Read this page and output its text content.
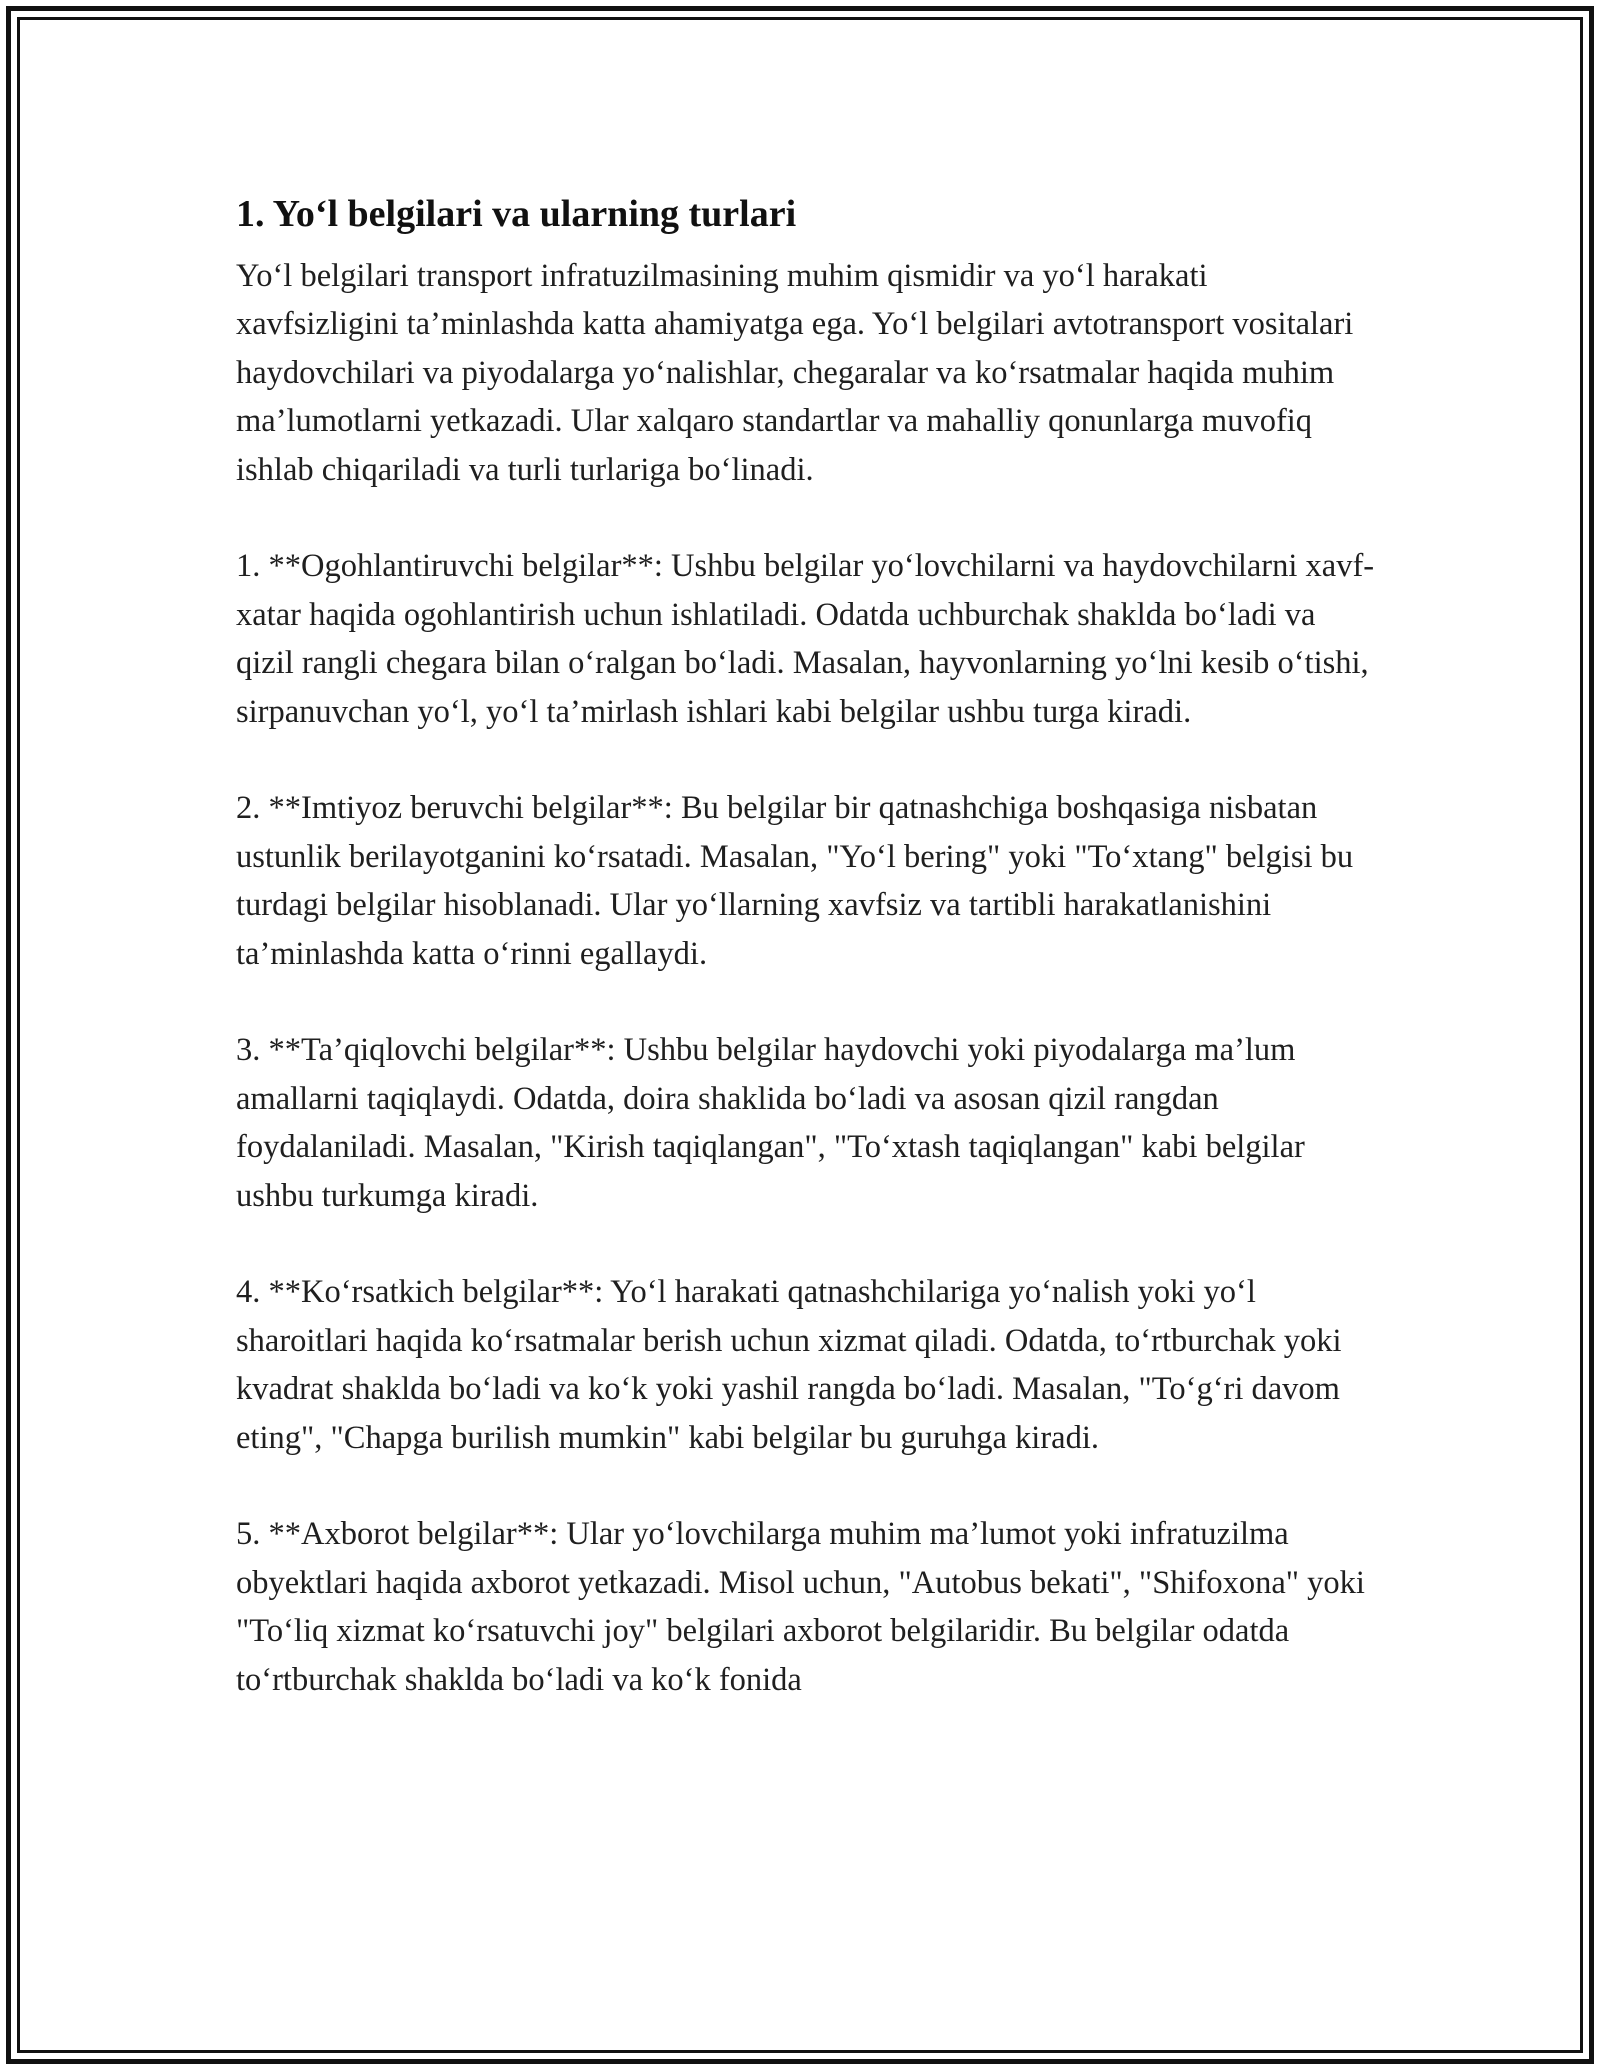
1. Yo‘l belgilari va ularning turlari

Yo‘l belgilari transport infratuzilmasining muhim qismidir va yo‘l harakati xavfsizligini ta’minlashda katta ahamiyatga ega. Yo‘l belgilari avtotransport vositalari haydovchilari va piyodalarga yo‘nalishlar, chegaralar va ko‘rsatmalar haqida muhim ma’lumotlarni yetkazadi. Ular xalqaro standartlar va mahalliy qonunlarga muvofiq ishlab chiqariladi va turli turlariga bo‘linadi.

1. **Ogohlantiruvchi belgilar**: Ushbu belgilar yo‘lovchilarni va haydovchilarni xavf-xatar haqida ogohlantirish uchun ishlatiladi. Odatda uchburchak shaklda bo‘ladi va qizil rangli chegara bilan o‘ralgan bo‘ladi. Masalan, hayvonlarning yo‘lni kesib o‘tishi, sirpanuvchan yo‘l, yo‘l ta’mirlash ishlari kabi belgilar ushbu turga kiradi.

2. **Imtiyoz beruvchi belgilar**: Bu belgilar bir qatnashchiga boshqasiga nisbatan ustunlik berilayotganini ko‘rsatadi. Masalan, "Yo‘l bering" yoki "To‘xtang" belgisi bu turdagi belgilar hisoblanadi. Ular yo‘llarning xavfsiz va tartibli harakatlanishini ta’minlashda katta o‘rinni egallaydi.

3. **Ta’qiqlovchi belgilar**: Ushbu belgilar haydovchi yoki piyodalarga ma’lum amallarni taqiqlaydi. Odatda, doira shaklida bo‘ladi va asosan qizil rangdan foydalaniladi. Masalan, "Kirish taqiqlangan", "To‘xtash taqiqlangan" kabi belgilar ushbu turkumga kiradi.

4. **Ko‘rsatkich belgilar**: Yo‘l harakati qatnashchilariga yo‘nalish yoki yo‘l sharoitlari haqida ko‘rsatmalar berish uchun xizmat qiladi. Odatda, to‘rtburchak yoki kvadrat shaklda bo‘ladi va ko‘k yoki yashil rangda bo‘ladi. Masalan, "To‘g‘ri davom eting", "Chapga burilish mumkin" kabi belgilar bu guruhga kiradi.

5. **Axborot belgilar**: Ular yo‘lovchilarga muhim ma’lumot yoki infratuzilma obyektlari haqida axborot yetkazadi. Misol uchun, "Autobus bekati", "Shifoxona" yoki "To‘liq xizmat ko‘rsatuvchi joy" belgilari axborot belgilaridir. Bu belgilar odatda to‘rtburchak shaklda bo‘ladi va ko‘k fonida
